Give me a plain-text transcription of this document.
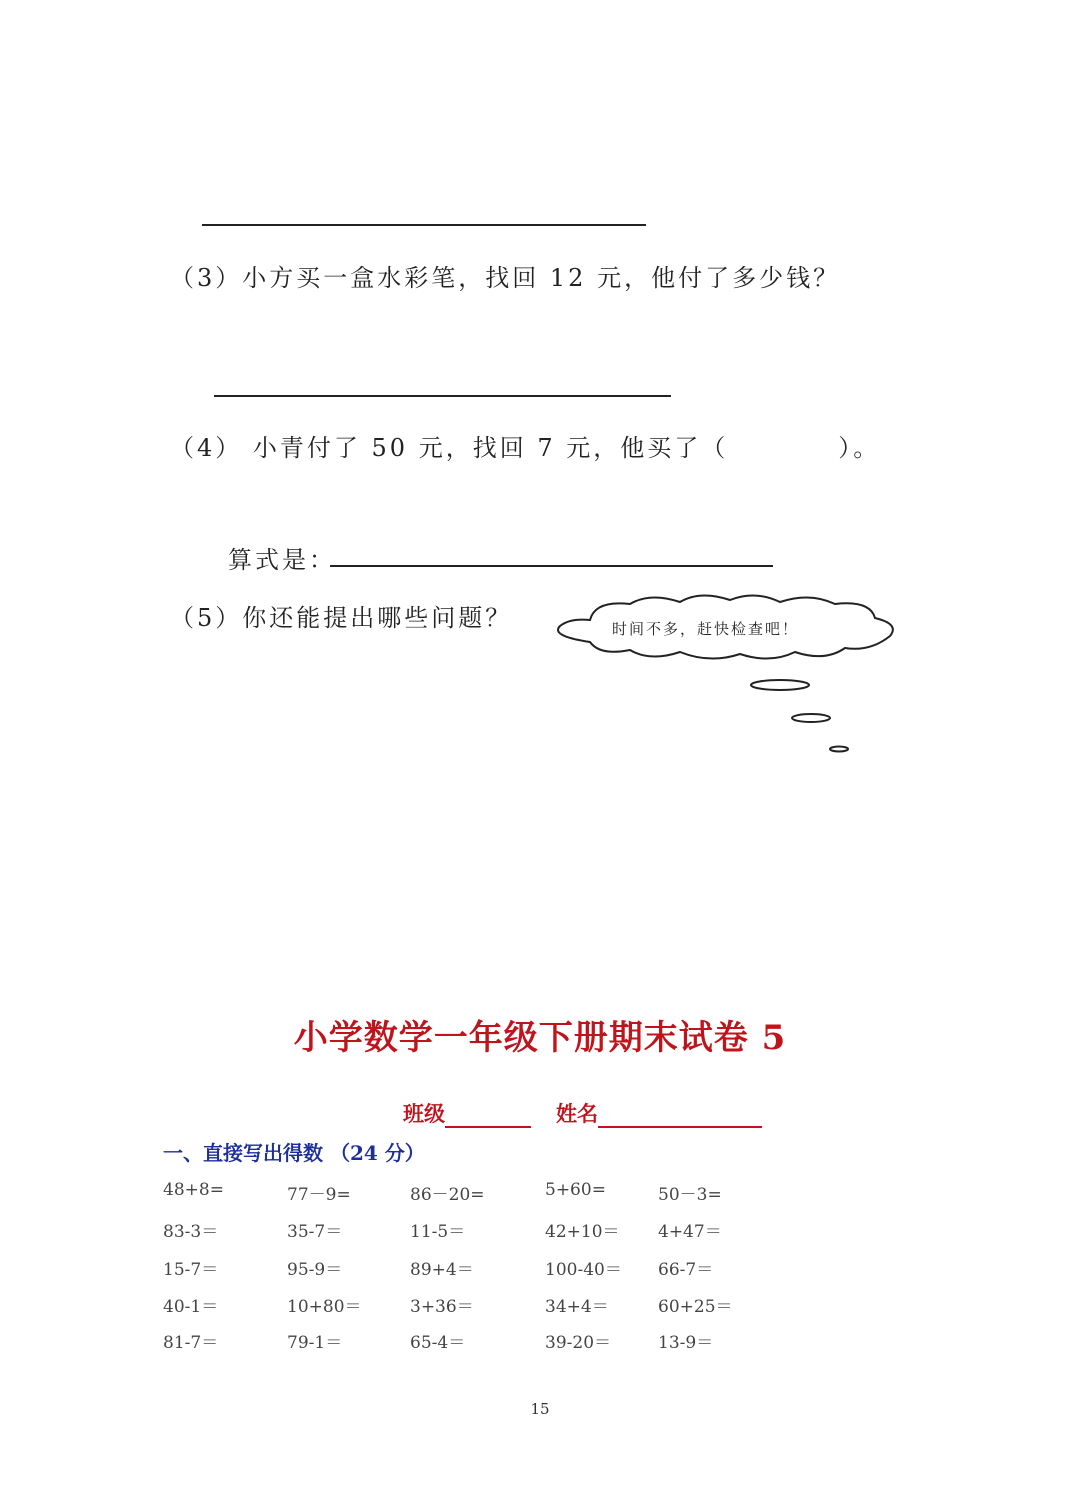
（3）小方买一盒水彩笔，找回 12 元，他付了多少钱？
（4） 小青付了 50 元，找回 7 元，他买了（	）。
算式是：
（5）你还能提出哪些问题？	时间不多，赶快检查吧！
小学数学一年级下册期末试卷 5
班级	姓名
一、直接写出得数 （24 分）
48+8=	77－9=	86－20=	5+60=	50－3=
83-3＝	35-7＝	11-5＝	42+10＝ 4+47＝
15-7＝	95-9＝	89+4＝	100-40＝ 66-7＝
40-1＝	10+80＝	3+36＝	34+4＝	60+25＝
81-7＝	79-1＝	65-4＝	39-20＝	13-9＝
15
